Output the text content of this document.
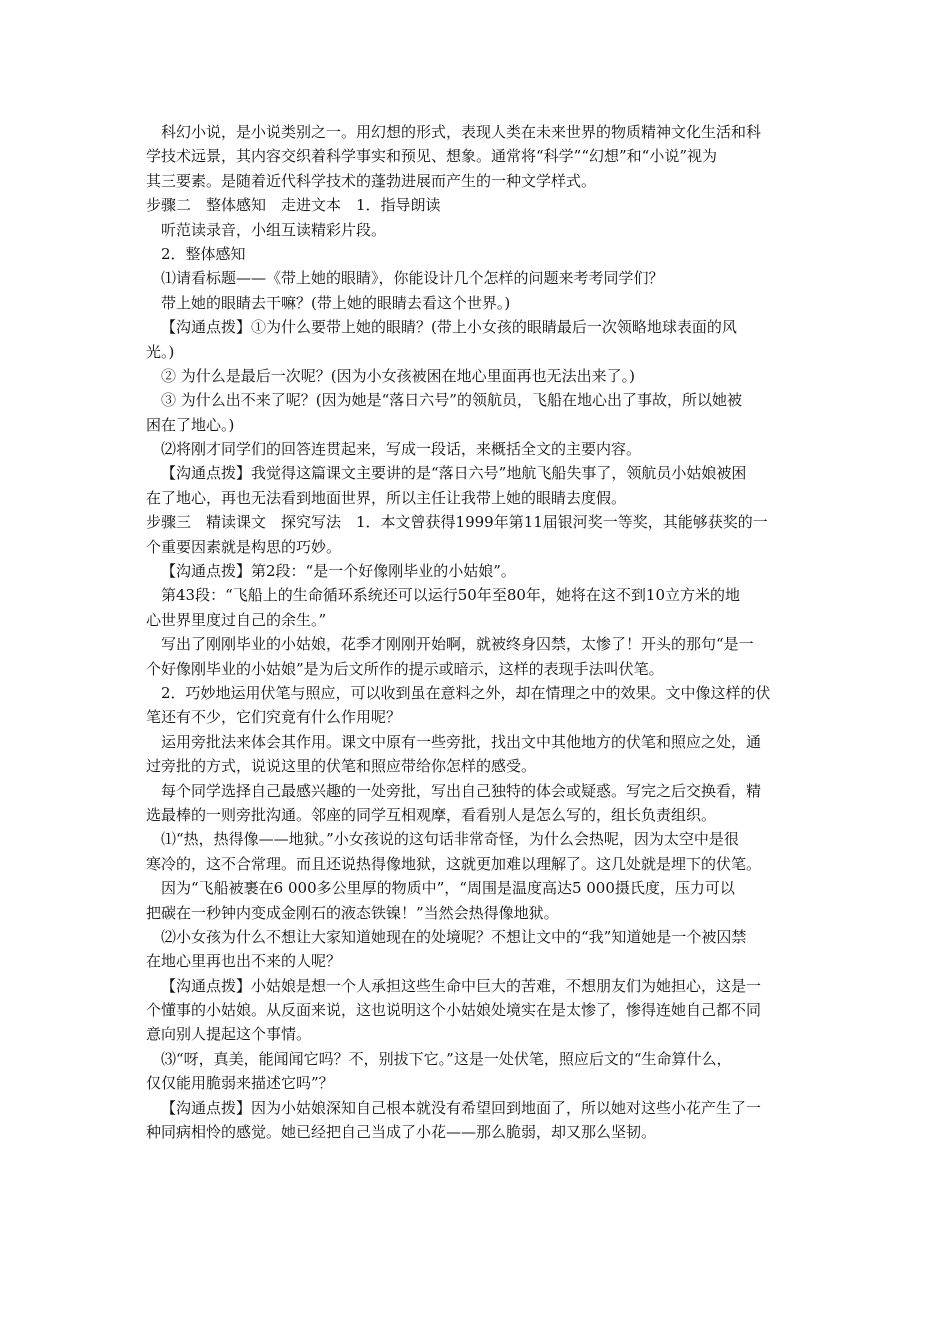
科幻小说，是小说类别之一。用幻想的形式，表现人类在未来世界的物质精神文化生活和科
学技术远景，其内容交织着科学事实和预见、想象。通常将“科学”“幻想”和“小说”视为
其三要素。是随着近代科学技术的蓬勃进展而产生的一种文学样式。
步骤二　整体感知　走进文本　1．指导朗读
听范读录音，小组互读精彩片段。
2．整体感知
⑴请看标题——《带上她的眼睛》，你能设计几个怎样的问题来考考同学们？
带上她的眼睛去干嘛？(带上她的眼睛去看这个世界。)
【沟通点拨】①为什么要带上她的眼睛？(带上小女孩的眼睛最后一次领略地球表面的风
光。)
② 为什么是最后一次呢？(因为小女孩被困在地心里面再也无法出来了。)
③ 为什么出不来了呢？(因为她是“落日六号”的领航员，飞船在地心出了事故，所以她被
困在了地心。)
⑵将刚才同学们的回答连贯起来，写成一段话，来概括全文的主要内容。
【沟通点拨】我觉得这篇课文主要讲的是“落日六号”地航飞船失事了，领航员小姑娘被困
在了地心，再也无法看到地面世界，所以主任让我带上她的眼睛去度假。
步骤三　精读课文　探究写法　1．本文曾获得1999年第11届银河奖一等奖，其能够获奖的一
个重要因素就是构思的巧妙。
【沟通点拨】第2段：“是一个好像刚毕业的小姑娘”。
第43段：“飞船上的生命循环系统还可以运行50年至80年，她将在这不到10立方米的地
心世界里度过自己的余生。”
写出了刚刚毕业的小姑娘，花季才刚刚开始啊，就被终身囚禁，太惨了！开头的那句“是一
个好像刚毕业的小姑娘”是为后文所作的提示或暗示，这样的表现手法叫伏笔。
2．巧妙地运用伏笔与照应，可以收到虽在意料之外，却在情理之中的效果。文中像这样的伏
笔还有不少，它们究竟有什么作用呢？
运用旁批法来体会其作用。课文中原有一些旁批，找出文中其他地方的伏笔和照应之处，通
过旁批的方式，说说这里的伏笔和照应带给你怎样的感受。
每个同学选择自己最感兴趣的一处旁批，写出自己独特的体会或疑惑。写完之后交换看，精
选最棒的一则旁批沟通。邻座的同学互相观摩，看看别人是怎么写的，组长负责组织。
⑴“热，热得像——地狱。”小女孩说的这句话非常奇怪，为什么会热呢，因为太空中是很
寒冷的，这不合常理。而且还说热得像地狱，这就更加难以理解了。这几处就是埋下的伏笔。
因为“飞船被裹在6 000多公里厚的物质中”，“周围是温度高达5 000摄氏度，压力可以
把碳在一秒钟内变成金刚石的液态铁镍！”当然会热得像地狱。
⑵小女孩为什么不想让大家知道她现在的处境呢？不想让文中的“我”知道她是一个被囚禁
在地心里再也出不来的人呢？
【沟通点拨】小姑娘是想一个人承担这些生命中巨大的苦难，不想朋友们为她担心，这是一
个懂事的小姑娘。从反面来说，这也说明这个小姑娘处境实在是太惨了，惨得连她自己都不同
意向别人提起这个事情。
⑶“呀，真美，能闻闻它吗？不，别拔下它。”这是一处伏笔，照应后文的“生命算什么，
仅仅能用脆弱来描述它吗”？
【沟通点拨】因为小姑娘深知自己根本就没有希望回到地面了，所以她对这些小花产生了一
种同病相怜的感觉。她已经把自己当成了小花——那么脆弱，却又那么坚韧。
